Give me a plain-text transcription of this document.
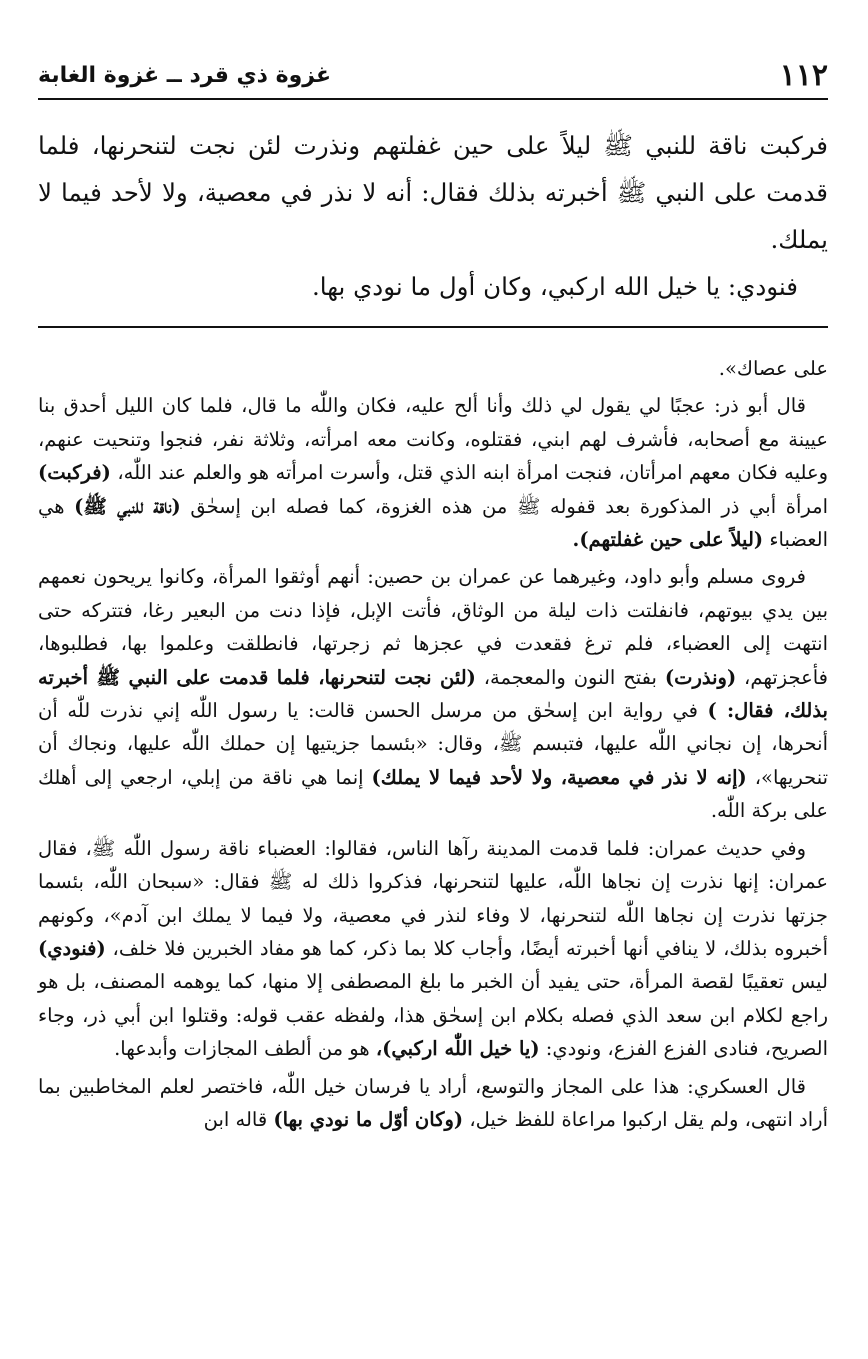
١١٢
غزوة ذي قرد ــ غزوة الغابة

فركبت ناقة للنبي ﷺ ليلاً على حين غفلتهم ونذرت لئن نجت لتنحرنها، فلما قدمت على النبي ﷺ أخبرته بذلك فقال: أنه لا نذر في معصية، ولا لأحد فيما لا يملك.

فنودي: يا خيل الله اركبي، وكان أول ما نودي بها.

على عصاك».

قال أبو ذر: عجبًا لي يقول لي ذلك وأنا ألح عليه، فكان واللّٰه ما قال، فلما كان الليل أحدق بنا عيينة مع أصحابه، فأشرف لهم ابني، فقتلوه، وكانت معه امرأته، وثلاثة نفر، فنجوا وتنحيت عنهم، وعليه فكان معهم امرأتان، فنجت امرأة ابنه الذي قتل، وأسرت امرأته هو والعلم عند اللّٰه، (فركبت) امرأة أبي ذر المذكورة بعد قفوله ﷺ من هذه الغزوة، كما فصله ابن إسحٰق (ناقة للنبي ﷺ) هي العضباء (ليلاً على حين غفلتهم).

فروى مسلم وأبو داود، وغيرهما عن عمران بن حصين: أنهم أوثقوا المرأة، وكانوا يريحون نعمهم بين يدي بيوتهم، فانفلتت ذات ليلة من الوثاق، فأتت الإبل، فإذا دنت من البعير رغا، فتتركه حتى انتهت إلى العضباء، فلم ترغ فقعدت في عجزها ثم زجرتها، فانطلقت وعلموا بها، فطلبوها، فأعجزتهم، (ونذرت) بفتح النون والمعجمة، (لئن نجت لتنحرنها، فلما قدمت على النبي ﷺ أخبرته بذلك، فقال: ) في رواية ابن إسحٰق من مرسل الحسن قالت: يا رسول اللّٰه إني نذرت للّٰه أن أنحرها، إن نجاني اللّٰه عليها، فتبسم ﷺ، وقال: «بئسما جزيتيها إن حملك اللّٰه عليها، ونجاك أن تنحريها»، (إنه لا نذر في معصية، ولا لأحد فيما لا يملك) إنما هي ناقة من إبلي، ارجعي إلى أهلك على بركة اللّٰه.

وفي حديث عمران: فلما قدمت المدينة رآها الناس، فقالوا: العضباء ناقة رسول اللّٰه ﷺ، فقال عمران: إنها نذرت إن نجاها اللّٰه، عليها لتنحرنها، فذكروا ذلك له ﷺ فقال: «سبحان اللّٰه، بئسما جزتها نذرت إن نجاها اللّٰه لتنحرنها، لا وفاء لنذر في معصية، ولا فيما لا يملك ابن آدم»، وكونهم أخبروه بذلك، لا ينافي أنها أخبرته أيضًا، وأجاب كلا بما ذكر، كما هو مفاد الخبرين فلا خلف، (فنودي) ليس تعقيبًا لقصة المرأة، حتى يفيد أن الخبر ما بلغ المصطفى إلا منها، كما يوهمه المصنف، بل هو راجع لكلام ابن سعد الذي فصله بكلام ابن إسحٰق هذا، ولفظه عقب قوله: وقتلوا ابن أبي ذر، وجاء الصريح، فنادى الفزع الفزع، ونودي: (يا خيل اللّٰه اركبي)، هو من ألطف المجازات وأبدعها.

قال العسكري: هذا على المجاز والتوسع، أراد يا فرسان خيل اللّٰه، فاختصر لعلم المخاطبين بما أراد انتهى، ولم يقل اركبوا مراعاة للفظ خيل، (وكان أوّل ما نودي بها) قاله ابن
